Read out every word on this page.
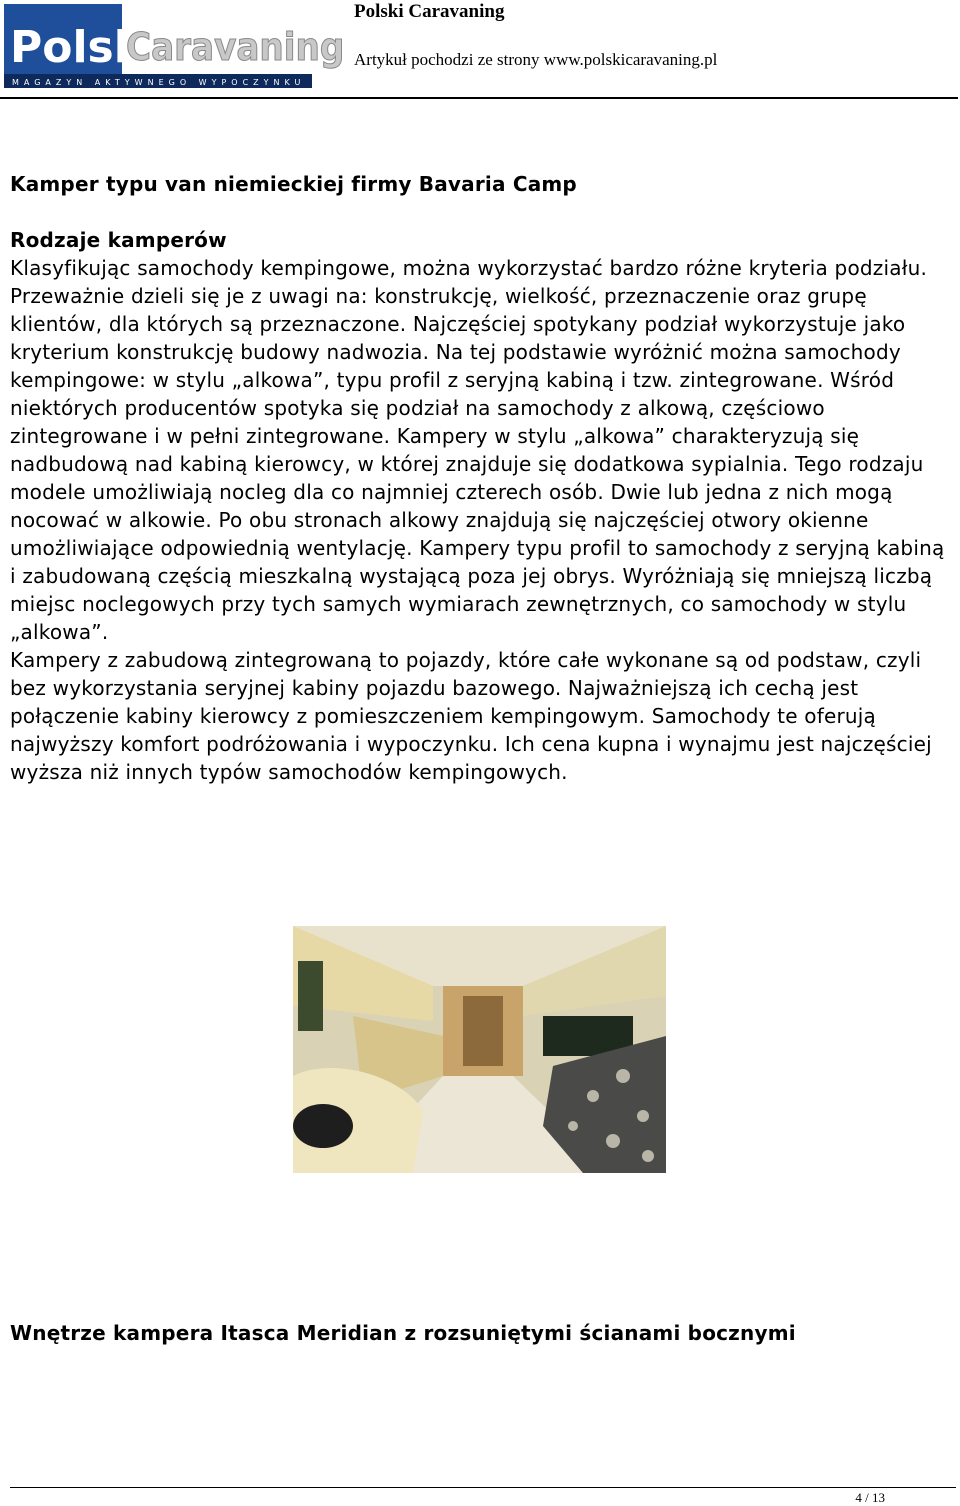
Polski
Caravaning
MAGAZYN AKTYWNEGO WYPOCZYNKU
Polski Caravaning
Artykuł pochodzi ze strony www.polskicaravaning.pl
Kamper typu van niemieckiej firmy Bavaria Camp
Rodzaje kamperów
Klasyfikując samochody kempingowe, można wykorzystać bardzo różne kryteria podziału. Przeważnie dzieli się je z uwagi na: konstrukcję, wielkość, przeznaczenie oraz grupę klientów, dla których są przeznaczone. Najczęściej spotykany podział wykorzystuje jako kryterium konstrukcję budowy nadwozia. Na tej podstawie wyróżnić można samochody kempingowe: w stylu „alkowa”, typu profil z seryjną kabiną i tzw. zintegrowane. Wśród niektórych producentów spotyka się podział na samochody z alkową, częściowo zintegrowane i w pełni zintegrowane. Kampery w stylu „alkowa” charakteryzują się nadbudową nad kabiną kierowcy, w której znajduje się dodatkowa sypialnia. Tego rodzaju modele umożliwiają nocleg dla co najmniej czterech osób. Dwie lub jedna z nich mogą nocować w alkowie. Po obu stronach alkowy znajdują się najczęściej otwory okienne umożliwiające odpowiednią wentylację. Kampery typu profil to samochody z seryjną kabiną i zabudowaną częścią mieszkalną wystającą poza jej obrys. Wyróżniają się mniejszą liczbą miejsc noclegowych przy tych samych wymiarach zewnętrznych, co samochody w stylu „alkowa”.
Kampery z zabudową zintegrowaną to pojazdy, które całe wykonane są od podstaw, czyli bez wykorzystania seryjnej kabiny pojazdu bazowego. Najważniejszą ich cechą jest połączenie kabiny kierowcy z pomieszczeniem kempingowym. Samochody te oferują najwyższy komfort podróżowania i wypoczynku. Ich cena kupna i wynajmu jest najczęściej wyższa niż innych typów samochodów kempingowych.
Wnętrze kampera Itasca Meridian z rozsuniętymi ścianami bocznymi
4 / 13
